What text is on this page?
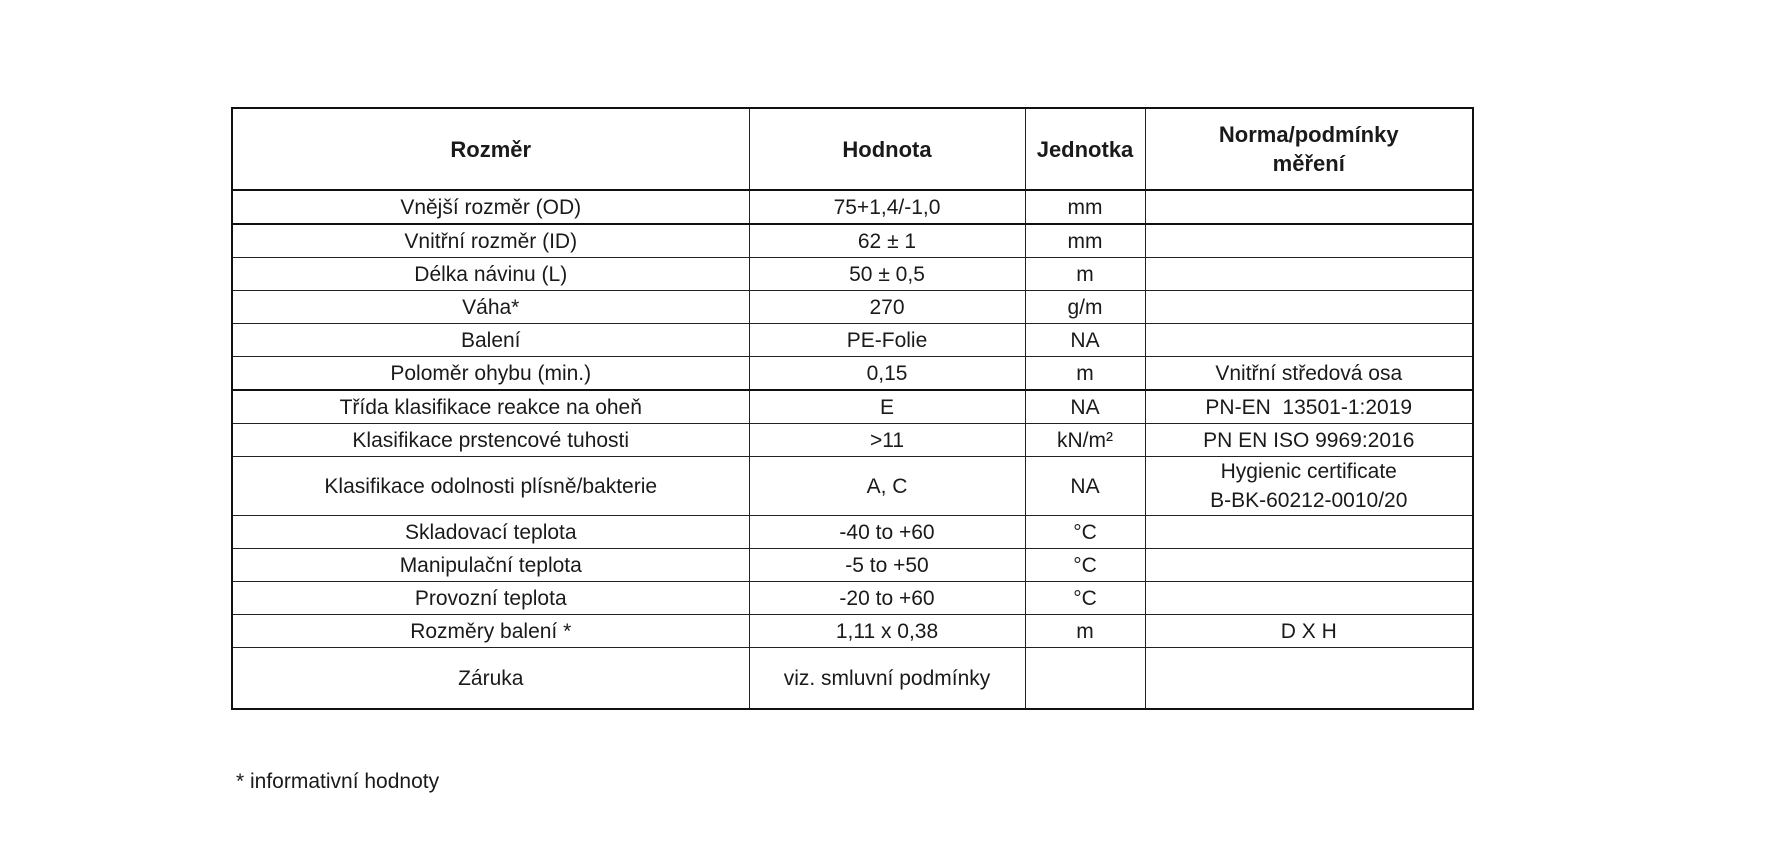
Rozměr	Hodnota	Jednotka	Norma/podmínky měření
Vnější rozměr (OD)	75+1,4/-1,0	mm	
Vnitřní rozměr (ID)	62 ± 1	mm	
Délka návinu (L)	50 ± 0,5	m	
Váha*	270	g/m	
Balení	PE-Folie	NA	
Poloměr ohybu (min.)	0,15	m	Vnitřní středová osa
Třída klasifikace reakce na oheň	E	NA	PN-EN  13501-1:2019
Klasifikace prstencové tuhosti	>11	kN/m²	PN EN ISO 9969:2016
Klasifikace odolnosti plísně/bakterie	A, C	NA	Hygienic certificate
B-BK-60212-0010/20

Skladovací teplota	-40 to +60	°C	
Manipulační teplota	-5 to +50	°C	
Provozní teplota	-20 to +60	°C	
Rozměry balení *	1,11 x 0,38	m	D X H
Záruka	viz. smluvní podmínky		
* informativní hodnoty
